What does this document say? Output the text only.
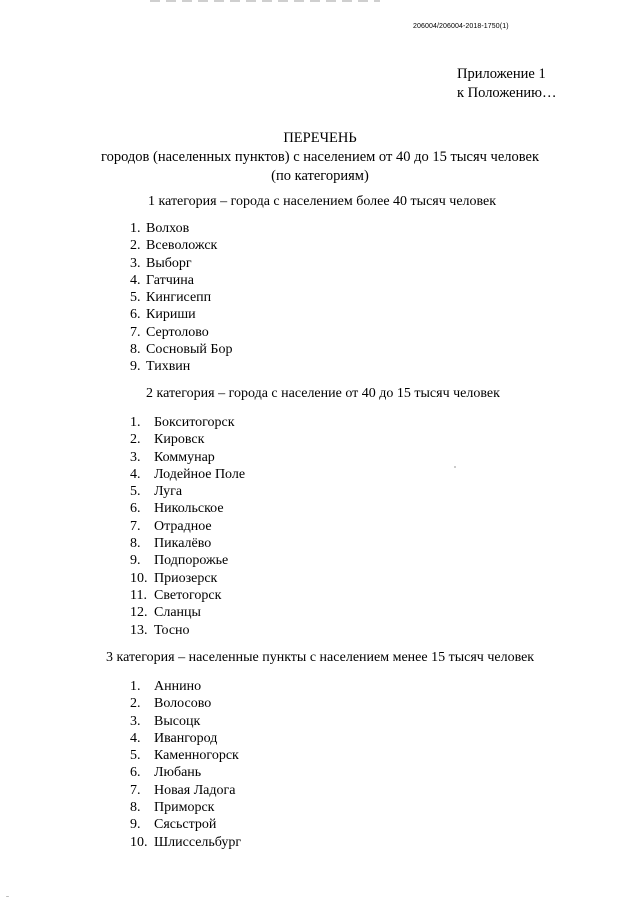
206004/206004-2018-1750(1)
Приложение 1
к Положению…
ПЕРЕЧЕНЬ
городов (населенных пунктов) с населением от 40 до 15 тысяч человек
(по категориям)
1 категория – города с населением более 40 тысяч человек
1. Волхов
2. Всеволожск
3. Выборг
4. Гатчина
5. Кингисепп
6. Кириши
7. Сертолово
8. Сосновый Бор
9. Тихвин
2 категория – города с население от 40 до 15 тысяч человек
1. Бокситогорск
2. Кировск
3. Коммунар
4. Лодейное Поле
5. Луга
6. Никольское
7. Отрадное
8. Пикалёво
9. Подпорожье
10. Приозерск
11. Светогорск
12. Сланцы
13. Тосно
3 категория – населенные пункты с населением менее 15 тысяч человек
1. Аннино
2. Волосово
3. Высоцк
4. Ивангород
5. Каменногорск
6. Любань
7. Новая Ладога
8. Приморск
9. Сясьстрой
10. Шлиссельбург
